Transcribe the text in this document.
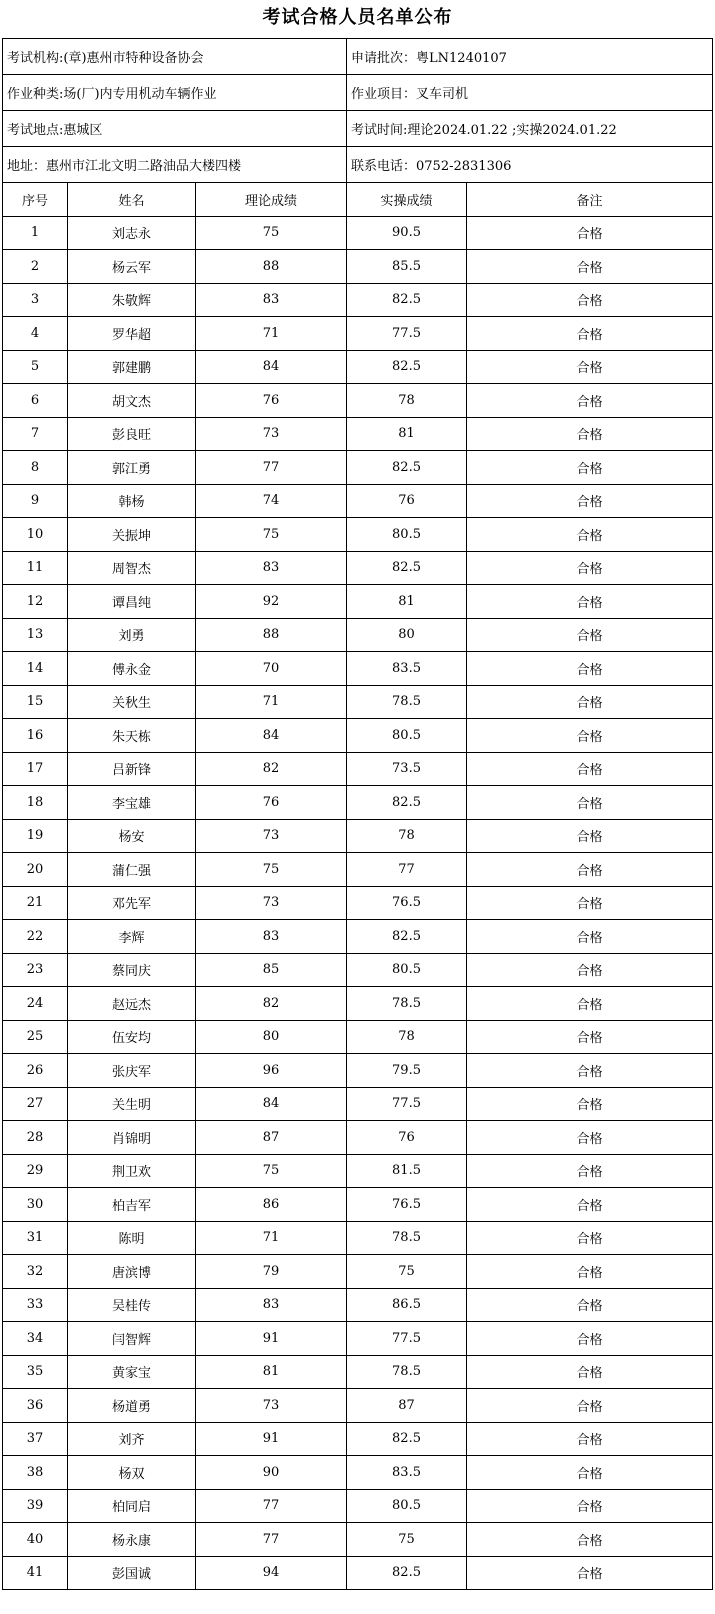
考试合格人员名单公布
考试机构:(章)惠州市特种设备协会			申请批次：粤LN1240107	
作业种类:场(厂)内专用机动车辆作业			作业项目：叉车司机	
考试地点:惠城区			考试时间:理论2024.01.22 ;实操2024.01.22	
地址：惠州市江北文明二路油品大楼四楼			联系电话：0752-2831306	
序号	姓名	理论成绩	实操成绩	备注
1	刘志永	75	90.5	合格
2	杨云军	88	85.5	合格
3	朱敬辉	83	82.5	合格
4	罗华超	71	77.5	合格
5	郭建鹏	84	82.5	合格
6	胡文杰	76	78	合格
7	彭良旺	73	81	合格
8	郭江勇	77	82.5	合格
9	韩杨	74	76	合格
10	关振坤	75	80.5	合格
11	周智杰	83	82.5	合格
12	谭昌纯	92	81	合格
13	刘勇	88	80	合格
14	傅永金	70	83.5	合格
15	关秋生	71	78.5	合格
16	朱天栋	84	80.5	合格
17	吕新锋	82	73.5	合格
18	李宝雄	76	82.5	合格
19	杨安	73	78	合格
20	蒲仁强	75	77	合格
21	邓先军	73	76.5	合格
22	李辉	83	82.5	合格
23	蔡同庆	85	80.5	合格
24	赵远杰	82	78.5	合格
25	伍安均	80	78	合格
26	张庆军	96	79.5	合格
27	关生明	84	77.5	合格
28	肖锦明	87	76	合格
29	荆卫欢	75	81.5	合格
30	柏吉军	86	76.5	合格
31	陈明	71	78.5	合格
32	唐滨博	79	75	合格
33	吴桂传	83	86.5	合格
34	闫智辉	91	77.5	合格
35	黄家宝	81	78.5	合格
36	杨道勇	73	87	合格
37	刘齐	91	82.5	合格
38	杨双	90	83.5	合格
39	柏同启	77	80.5	合格
40	杨永康	77	75	合格
41	彭国诚	94	82.5	合格
